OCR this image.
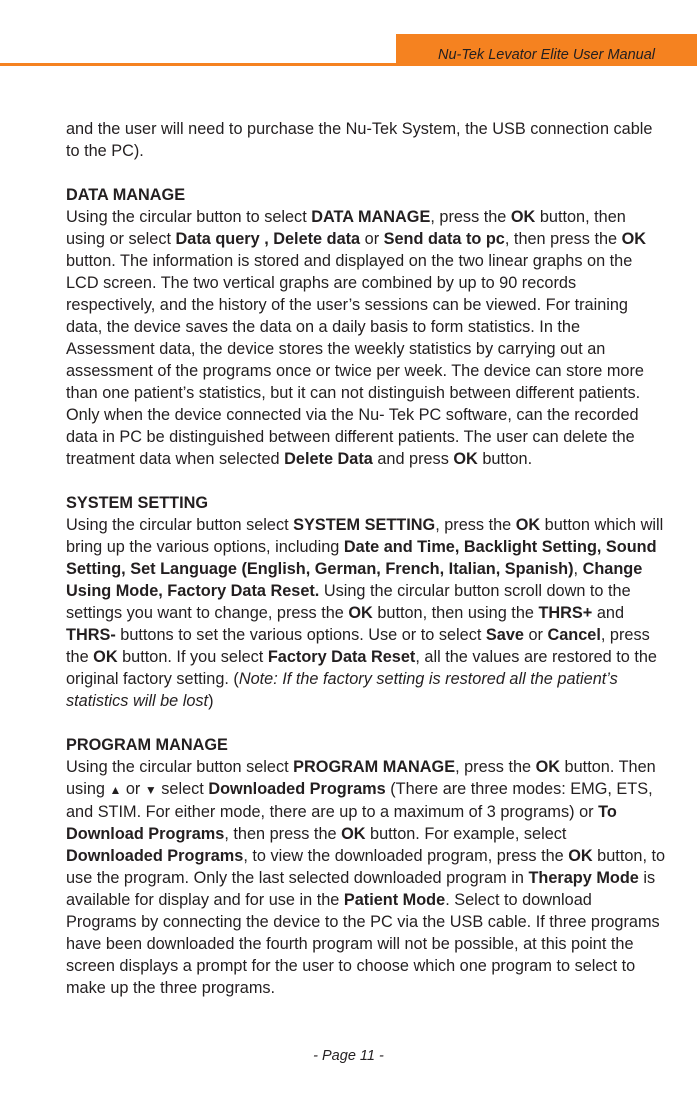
Nu-Tek Levator Elite User Manual

and the user will need to purchase the Nu-Tek System, the USB connection cable to the PC).

DATA MANAGE

Using the circular button to select DATA MANAGE, press the OK button, then using or select Data query , Delete data or Send data to pc, then press the OK button. The information is stored and displayed on the two linear graphs on the LCD screen. The two vertical graphs are combined by up to 90 records respectively, and the history of the user’s sessions can be viewed. For training data, the device saves the data on a daily basis to form statistics. In the Assessment data, the device stores the weekly statistics by carrying out an assessment of the programs once or twice per week. The device can store more than one patient’s statistics, but it can not distinguish between different patients. Only when the device connected via the Nu- Tek PC software, can the recorded data in PC be distinguished between different patients. The user can delete the treatment data when selected Delete Data and press OK button.

SYSTEM SETTING

Using the circular button select SYSTEM SETTING, press the OK button which will bring up the various options, including Date and Time, Backlight Setting, Sound Setting, Set Language (English, German, French, Italian, Spanish), Change Using Mode, Factory Data Reset. Using the circular button scroll down to the settings you want to change, press the OK button, then using the THRS+ and THRS- buttons to set the various options. Use or to select Save or Cancel, press the OK button. If you select Factory Data Reset, all the values are restored to the original factory setting. (Note: If the factory setting is restored all the patient’s statistics will be lost)

PROGRAM MANAGE

Using the circular button select PROGRAM MANAGE, press the OK button. Then using ▲ or ▼ select Downloaded Programs (There are three modes: EMG, ETS, and STIM. For either mode, there are up to a maximum of 3 programs) or To Download Programs, then press the OK button. For example, select Downloaded Programs, to view the downloaded program, press the OK button, to use the program. Only the last selected downloaded program in Therapy Mode is available for display and for use in the Patient Mode. Select to download Programs by connecting the device to the PC via the USB cable. If three programs have been downloaded the fourth program will not be possible, at this point the screen displays a prompt for the user to choose which one program to select to make up the three programs.

- Page 11 -
